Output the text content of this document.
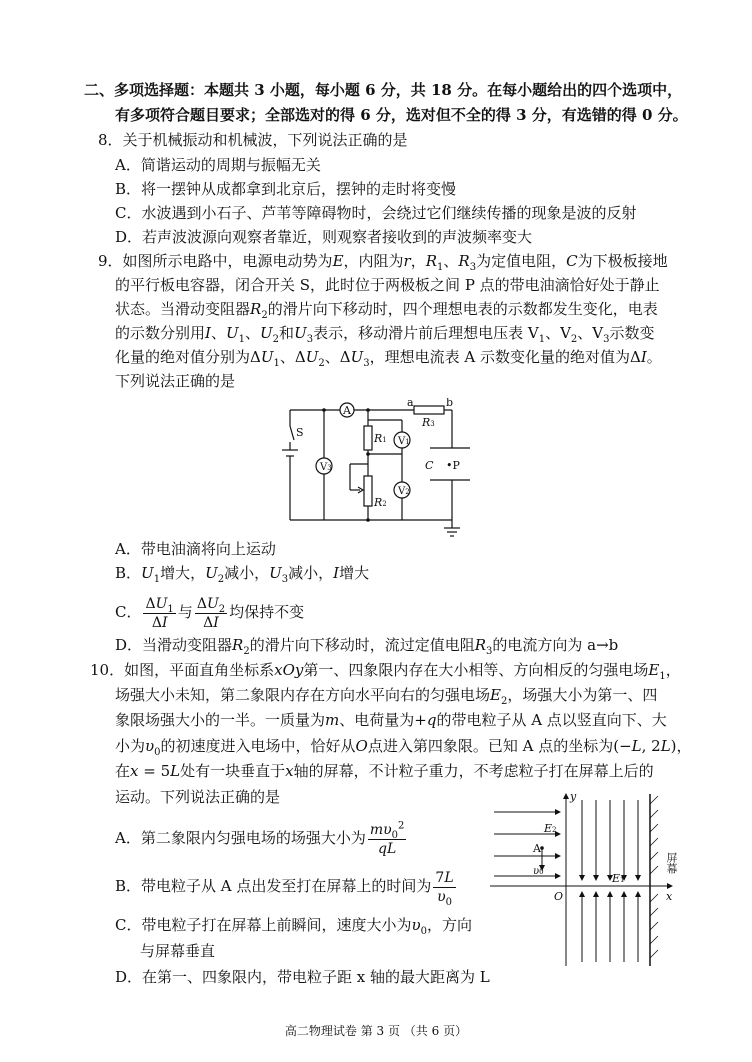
二、多项选择题：本题共 3 小题，每小题 6 分，共 18 分。在每小题给出的四个选项中，
有多项符合题目要求；全部选对的得 6 分，选对但不全的得 3 分，有选错的得 0 分。
8．关于机械振动和机械波，下列说法正确的是
A．简谐运动的周期与振幅无关
B．将一摆钟从成都拿到北京后，摆钟的走时将变慢
C．水波遇到小石子、芦苇等障碍物时，会绕过它们继续传播的现象是波的反射
D．若声波波源向观察者靠近，则观察者接收到的声波频率变大
9．如图所示电路中，电源电动势为E，内阻为r，$R_1$、$R_3$为定值电阻，C为下极板接地
的平行板电容器，闭合开关 S，此时位于两极板之间 P 点的带电油滴恰好处于静止
状态。当滑动变阻器$R_2$的滑片向下移动时，四个理想电表的示数都发生变化，电表
的示数分别用I、$U_1$、$U_2$和$U_3$表示，移动滑片前后理想电压表 $V_1$、$V_2$、$V_3$示数变
化量的绝对值分别为$\Delta U_1$、$\Delta U_2$、$\Delta U_3$，理想电流表 A 示数变化量的绝对值为ΔI。
下列说法正确的是
S
A
V3
V1
V2
R1
R2
R3
a	b
C •P
A．带电油滴将向上运动
B．$U_1$增大，$U_2$减小，$U_3$减小，I增大
C． $\frac{\Delta U_1}{\Delta I}$ 与 $\frac{\Delta U_2}{\Delta I}$ 均保持不变
D．当滑动变阻器$R_2$的滑片向下移动时，流过定值电阻$R_3$的电流方向为 a→b
10．如图，平面直角坐标系xOy第一、四象限内存在大小相等、方向相反的匀强电场$E_1$，
场强大小未知，第二象限内存在方向水平向右的匀强电场$E_2$，场强大小为第一、四
象限场强大小的一半。一质量为m、电荷量为+q的带电粒子从 A 点以竖直向下、大
小为$\upsilon_0$的初速度进入电场中，恰好从O点进入第四象限。已知 A 点的坐标为(−L, 2L)，
在x = 5L处有一块垂直于x轴的屏幕，不计粒子重力，不考虑粒子打在屏幕上后的
运动。下列说法正确的是
A．第二象限内匀强电场的场强大小为 $\frac{m\upsilon_0^2}{qL}$
B．带电粒子从 A 点出发至打在屏幕上的时间为 $\frac{7L}{\upsilon_0}$
C．带电粒子打在屏幕上前瞬间，速度大小为$\upsilon_0$，方向
与屏幕垂直
D．在第一、四象限内，带电粒子距 x 轴的最大距离为 L
y
x
O
E2
E1
A
υ0
屏幕
高二物理试卷 第 3 页 （共 6 页）
